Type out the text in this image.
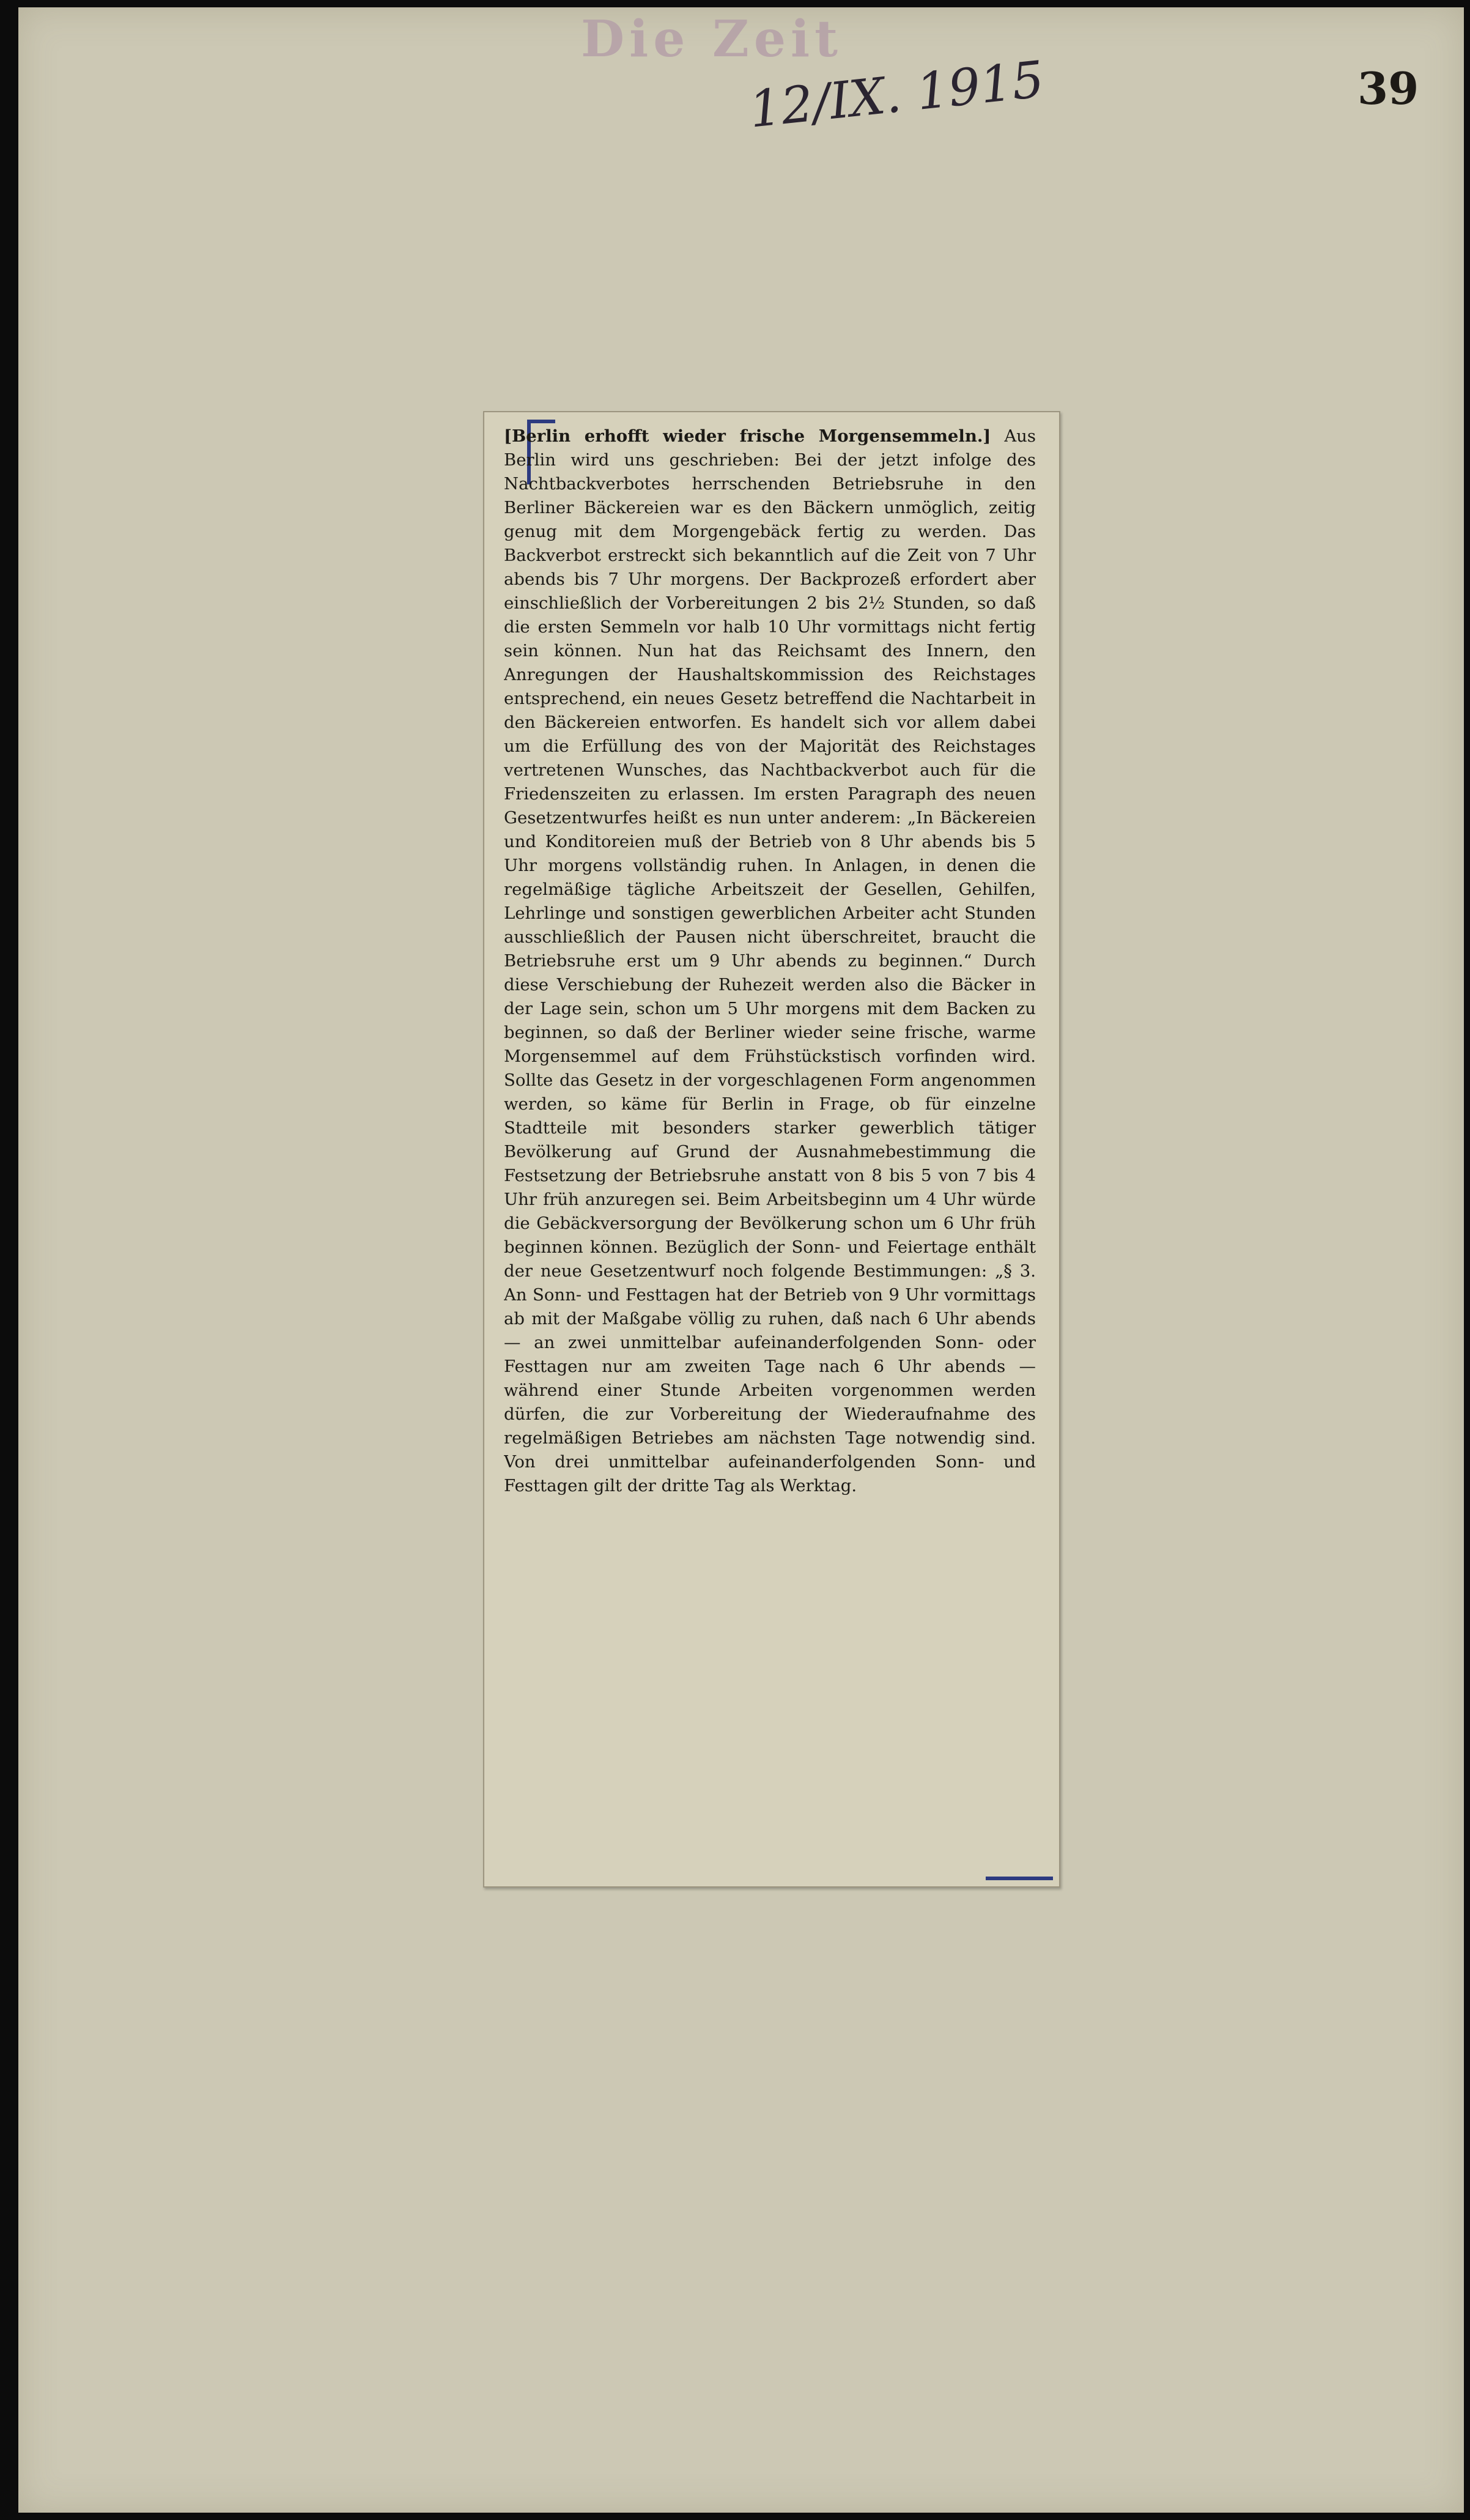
Die Zeit
12/IX. 1915	39

[Berlin erhofft wieder frische Morgensemmeln.] Aus Berlin wird uns geschrieben: Bei der jetzt infolge des Nachtbackverbotes herrschenden Betriebsruhe in den Berliner Bäckereien war es den Bäckern unmöglich, zeitig genug mit dem Morgengebäck fertig zu werden. Das Backverbot erstreckt sich bekanntlich auf die Zeit von 7 Uhr abends bis 7 Uhr morgens. Der Backprozeß erfordert aber einschließlich der Vorbereitungen 2 bis 2½ Stunden, so daß die ersten Semmeln vor halb 10 Uhr vormittags nicht fertig sein können. Nun hat das Reichsamt des Innern, den Anregungen der Haushaltskommission des Reichstages entsprechend, ein neues Gesetz betreffend die Nachtarbeit in den Bäckereien entworfen. Es handelt sich vor allem dabei um die Erfüllung des von der Majorität des Reichstages vertretenen Wunsches, das Nachtbackverbot auch für die Friedenszeiten zu erlassen. Im ersten Paragraph des neuen Gesetzentwurfes heißt es nun unter anderem: „In Bäckereien und Konditoreien muß der Betrieb von 8 Uhr abends bis 5 Uhr morgens vollständig ruhen. In Anlagen, in denen die regelmäßige tägliche Arbeitszeit der Gesellen, Gehilfen, Lehrlinge und sonstigen gewerblichen Arbeiter acht Stunden ausschließlich der Pausen nicht überschreitet, braucht die Betriebsruhe erst um 9 Uhr abends zu beginnen.“ Durch diese Verschiebung der Ruhezeit werden also die Bäcker in der Lage sein, schon um 5 Uhr morgens mit dem Backen zu beginnen, so daß der Berliner wieder seine frische, warme Morgensemmel auf dem Frühstückstisch vorfinden wird. Sollte das Gesetz in der vorgeschlagenen Form angenommen werden, so käme für Berlin in Frage, ob für einzelne Stadtteile mit besonders starker gewerblich tätiger Bevölkerung auf Grund der Ausnahmebestimmung die Festsetzung der Betriebsruhe anstatt von 8 bis 5 von 7 bis 4 Uhr früh anzuregen sei. Beim Arbeitsbeginn um 4 Uhr würde die Gebäckversorgung der Bevölkerung schon um 6 Uhr früh beginnen können. Bezüglich der Sonn- und Feiertage enthält der neue Gesetzentwurf noch folgende Bestimmungen: „§ 3. An Sonn- und Festtagen hat der Betrieb von 9 Uhr vormittags ab mit der Maßgabe völlig zu ruhen, daß nach 6 Uhr abends — an zwei unmittelbar aufeinanderfolgenden Sonn- oder Festtagen nur am zweiten Tage nach 6 Uhr abends — während einer Stunde Arbeiten vorgenommen werden dürfen, die zur Vorbereitung der Wiederaufnahme des regelmäßigen Betriebes am nächsten Tage notwendig sind. Von drei unmittelbar aufeinanderfolgenden Sonn- und Festtagen gilt der dritte Tag als Werktag.
